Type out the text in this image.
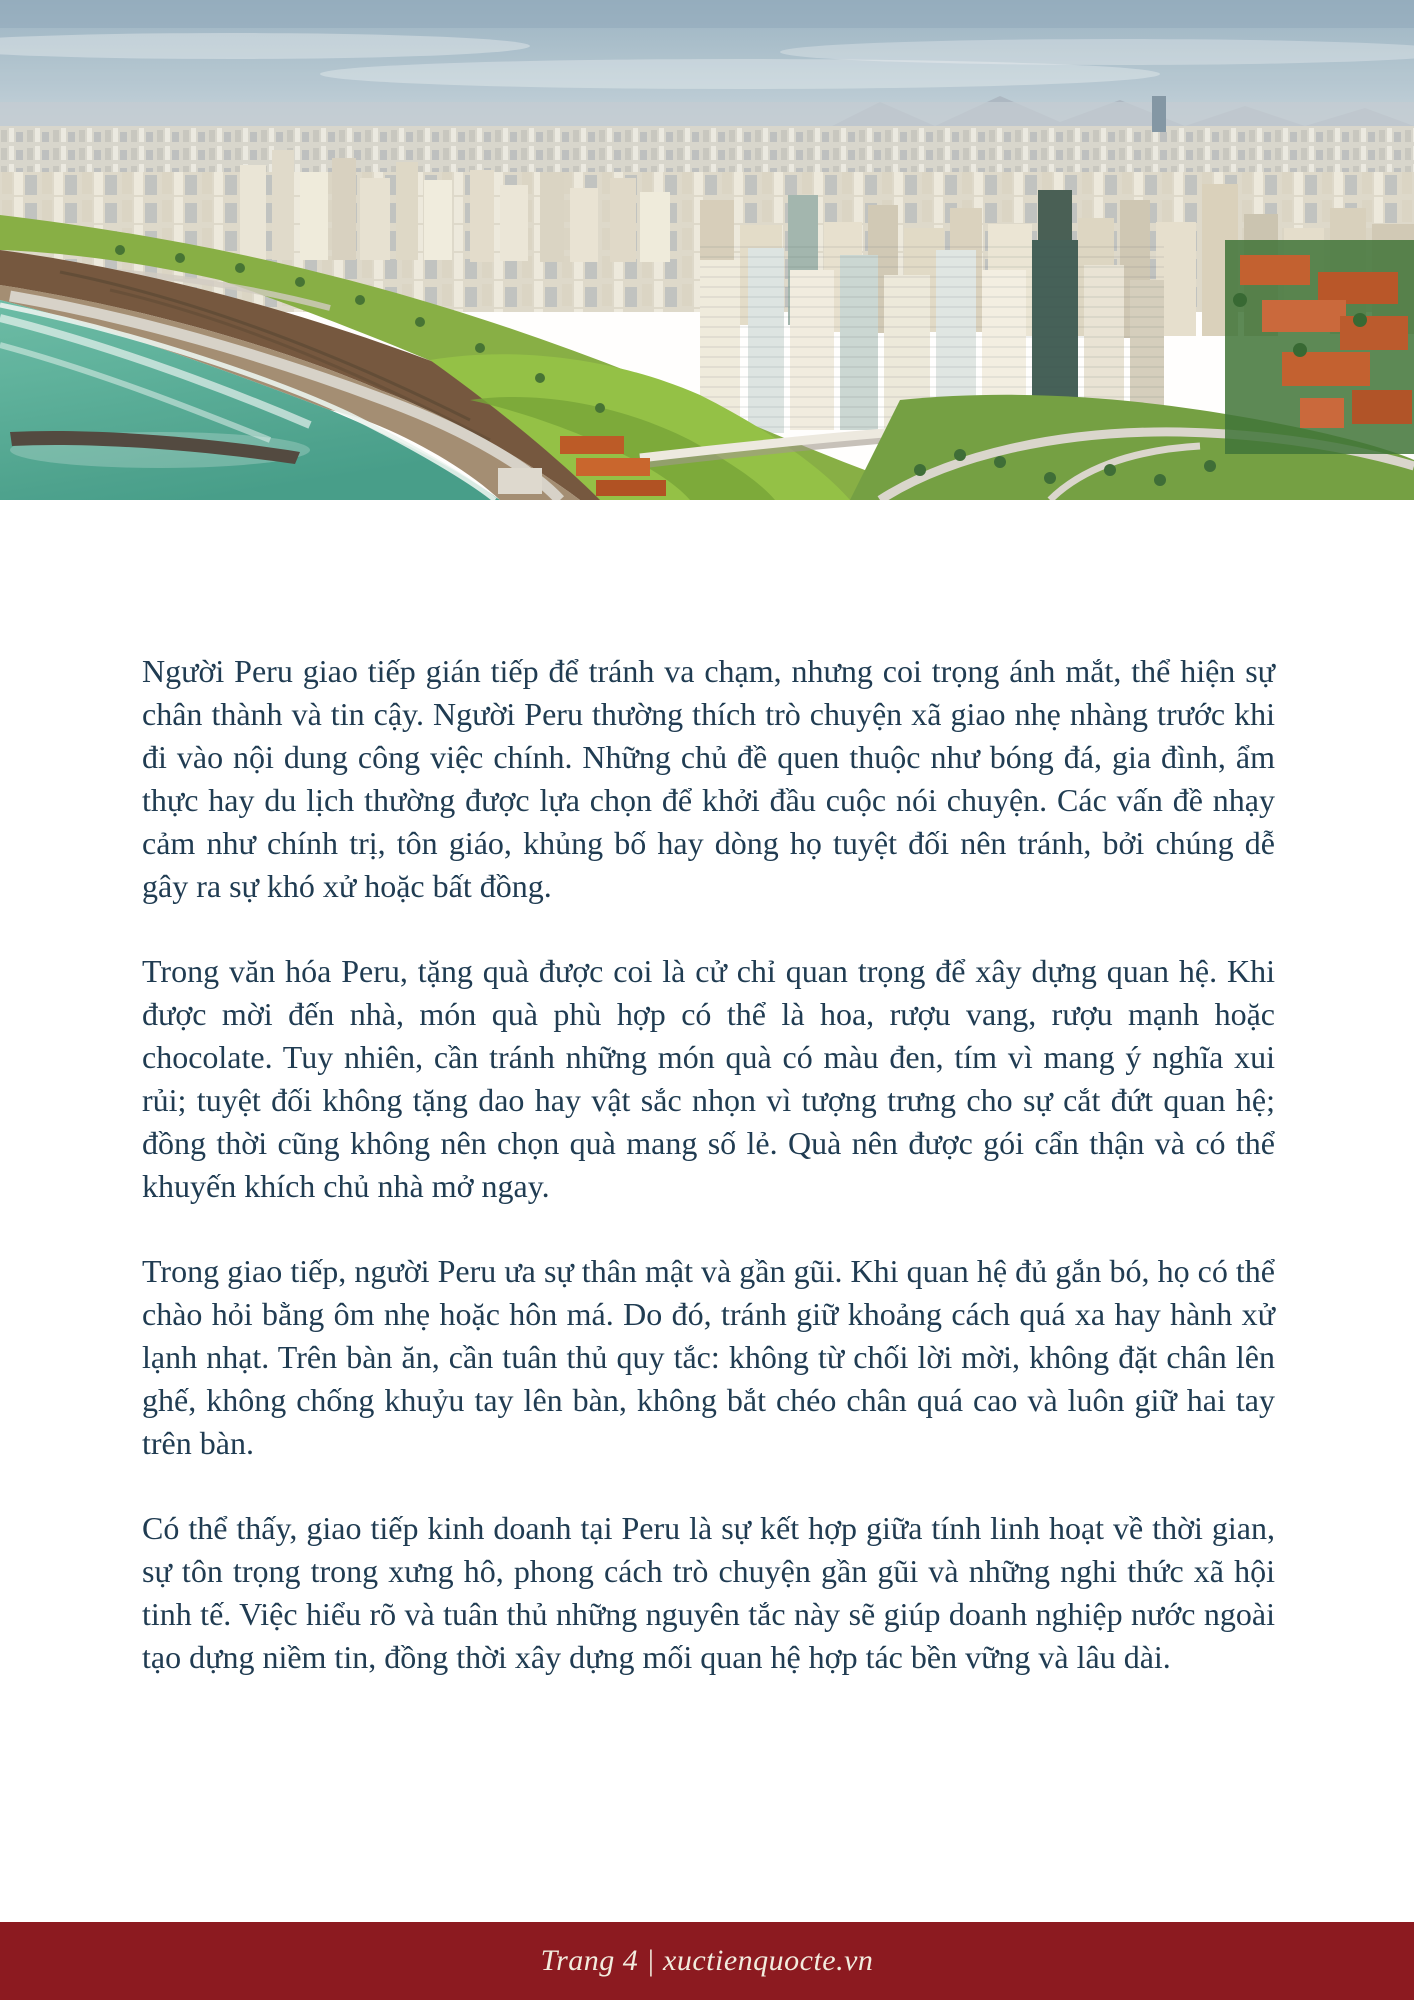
Người Peru giao tiếp gián tiếp để tránh va chạm, nhưng coi trọng ánh mắt, thể hiện sự chân thành và tin cậy. Người Peru thường thích trò chuyện xã giao nhẹ nhàng trước khi đi vào nội dung công việc chính. Những chủ đề quen thuộc như bóng đá, gia đình, ẩm thực hay du lịch thường được lựa chọn để khởi đầu cuộc nói chuyện. Các vấn đề nhạy cảm như chính trị, tôn giáo, khủng bố hay dòng họ tuyệt đối nên tránh, bởi chúng dễ gây ra sự khó xử hoặc bất đồng.

Trong văn hóa Peru, tặng quà được coi là cử chỉ quan trọng để xây dựng quan hệ. Khi được mời đến nhà, món quà phù hợp có thể là hoa, rượu vang, rượu mạnh hoặc chocolate. Tuy nhiên, cần tránh những món quà có màu đen, tím vì mang ý nghĩa xui rủi; tuyệt đối không tặng dao hay vật sắc nhọn vì tượng trưng cho sự cắt đứt quan hệ; đồng thời cũng không nên chọn quà mang số lẻ. Quà nên được gói cẩn thận và có thể khuyến khích chủ nhà mở ngay.

Trong giao tiếp, người Peru ưa sự thân mật và gần gũi. Khi quan hệ đủ gắn bó, họ có thể chào hỏi bằng ôm nhẹ hoặc hôn má. Do đó, tránh giữ khoảng cách quá xa hay hành xử lạnh nhạt. Trên bàn ăn, cần tuân thủ quy tắc: không từ chối lời mời, không đặt chân lên ghế, không chống khuỷu tay lên bàn, không bắt chéo chân quá cao và luôn giữ hai tay trên bàn.

Có thể thấy, giao tiếp kinh doanh tại Peru là sự kết hợp giữa tính linh hoạt về thời gian, sự tôn trọng trong xưng hô, phong cách trò chuyện gần gũi và những nghi thức xã hội tinh tế. Việc hiểu rõ và tuân thủ những nguyên tắc này sẽ giúp doanh nghiệp nước ngoài tạo dựng niềm tin, đồng thời xây dựng mối quan hệ hợp tác bền vững và lâu dài.

Trang 4 | xuctienquocte.vn
